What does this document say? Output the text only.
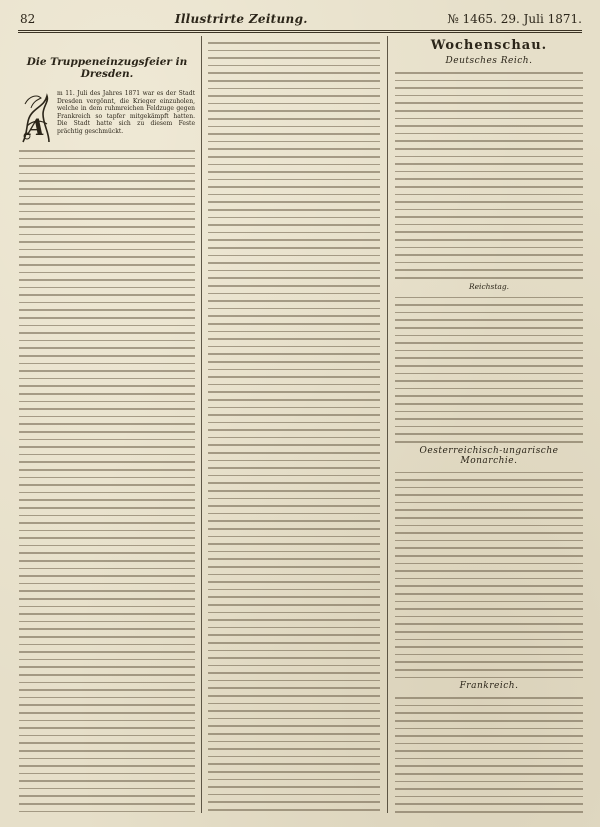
82	Illustrirte Zeitung.	№ 1465. 29. Juli 1871.
Die Truppeneinzugsfeier in Dresden.
A
m 11. Juli des Jahres 1871 war es der Stadt Dresden vergönnt, die Krieger einzuholen, welche in dem ruhmreichen Feldzuge gegen Frankreich so tapfer mitgekämpft hatten. Die Stadt hatte sich zu diesem Feste prächtig geschmückt.
Wochenschau.
Deutsches Reich.
Reichstag.
Oesterreichisch-ungarische Monarchie.
Frankreich.
